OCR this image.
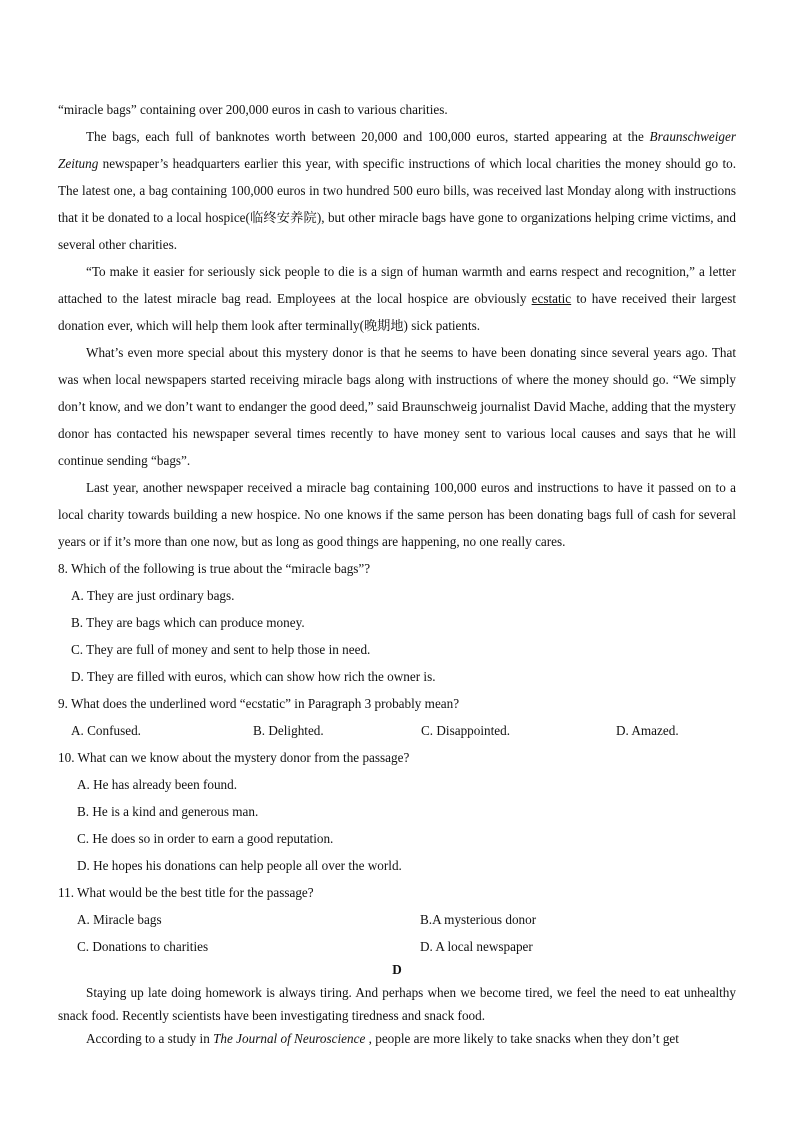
“miracle bags” containing over 200,000 euros in cash to various charities.

The bags, each full of banknotes worth between 20,000 and 100,000 euros, started appearing at the Braunschweiger Zeitung newspaper’s headquarters earlier this year, with specific instructions of which local charities the money should go to. The latest one, a bag containing 100,000 euros in two hundred 500 euro bills, was received last Monday along with instructions that it be donated to a local hospice(临终安养院), but other miracle bags have gone to organizations helping crime victims, and several other charities.

“To make it easier for seriously sick people to die is a sign of human warmth and earns respect and recognition,” a letter attached to the latest miracle bag read. Employees at the local hospice are obviously ecstatic to have received their largest donation ever, which will help them look after terminally(晚期地) sick patients.

What’s even more special about this mystery donor is that he seems to have been donating since several years ago. That was when local newspapers started receiving miracle bags along with instructions of where the money should go. “We simply don’t know, and we don’t want to endanger the good deed,” said Braunschweig journalist David Mache, adding that the mystery donor has contacted his newspaper several times recently to have money sent to various local causes and says that he will continue sending “bags”.

Last year, another newspaper received a miracle bag containing 100,000 euros and instructions to have it passed on to a local charity towards building a new hospice. No one knows if the same person has been donating bags full of cash for several years or if it’s more than one now, but as long as good things are happening, no one really cares.

8. Which of the following is true about the “miracle bags”?
A. They are just ordinary bags.
B. They are bags which can produce money.
C. They are full of money and sent to help those in need.
D. They are filled with euros, which can show how rich the owner is.
9. What does the underlined word “ecstatic” in Paragraph 3 probably mean?
A. Confused.	B. Delighted.	C. Disappointed.	D. Amazed.
10. What can we know about the mystery donor from the passage?
A. He has already been found.
B. He is a kind and generous man.
C. He does so in order to earn a good reputation.
D. He hopes his donations can help people all over the world.
11. What would be the best title for the passage?
A. Miracle bags	B.A mysterious donor
C. Donations to charities	D. A local newspaper
D

Staying up late doing homework is always tiring. And perhaps when we become tired, we feel the need to eat unhealthy snack food. Recently scientists have been investigating tiredness and snack food.

According to a study in The Journal of Neuroscience , people are more likely to take snacks when they don’t get
